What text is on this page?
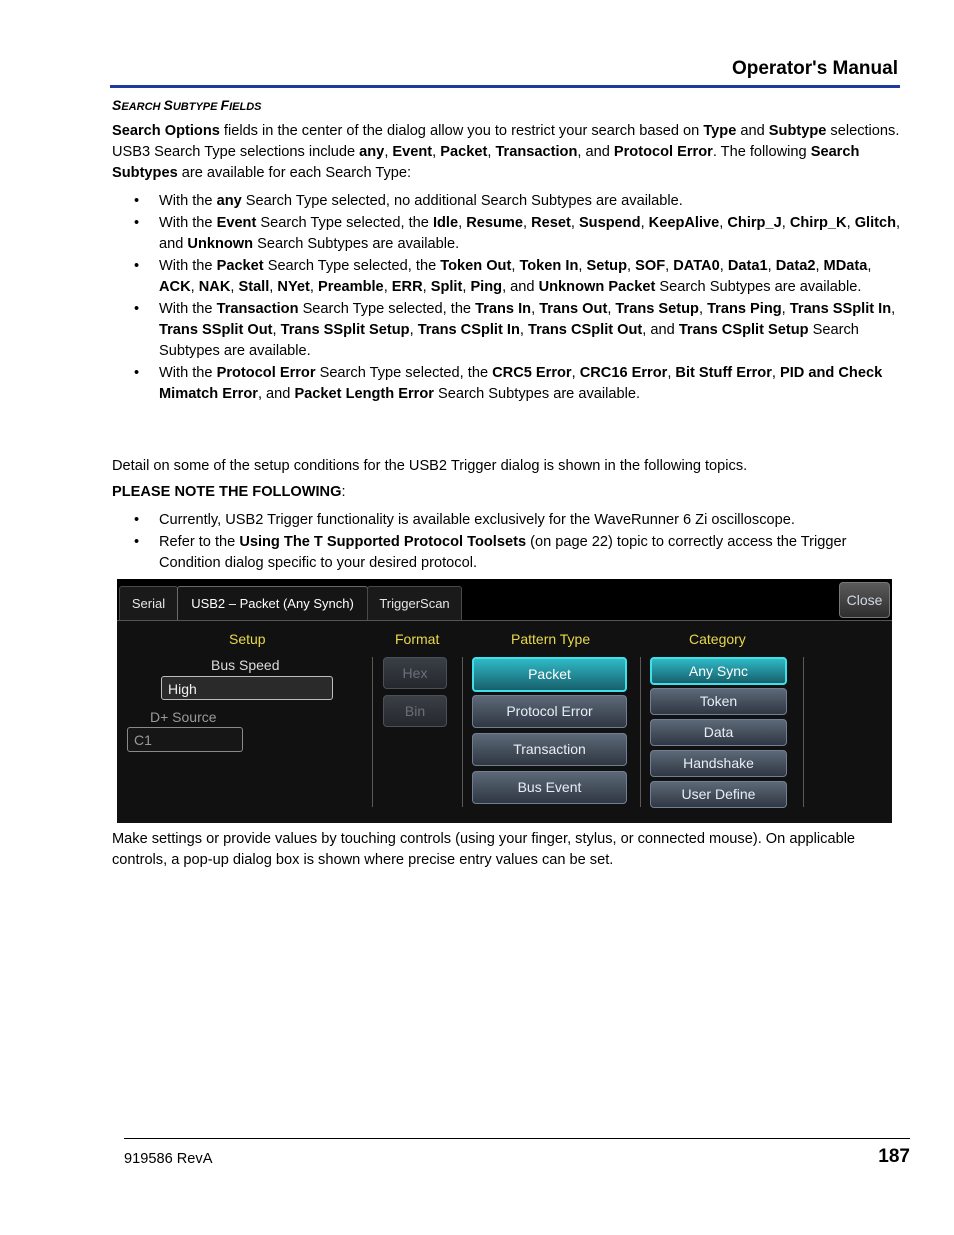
Operator's Manual
SEARCH SUBTYPE FIELDS
Search Options fields in the center of the dialog allow you to restrict your search based on Type and Subtype selections. USB3 Search Type selections include any, Event, Packet, Transaction, and Protocol Error. The following Search Subtypes are available for each Search Type:
• With the any Search Type selected, no additional Search Subtypes are available.
• With the Event Search Type selected, the Idle, Resume, Reset, Suspend, KeepAlive, Chirp_J, Chirp_K, Glitch, and Unknown Search Subtypes are available.
• With the Packet Search Type selected, the Token Out, Token In, Setup, SOF, DATA0, Data1, Data2, MData, ACK, NAK, Stall, NYet, Preamble, ERR, Split, Ping, and Unknown Packet Search Subtypes are available.
• With the Transaction Search Type selected, the Trans In, Trans Out, Trans Setup, Trans Ping, Trans SSplit In, Trans SSplit Out, Trans SSplit Setup, Trans CSplit In, Trans CSplit Out, and Trans CSplit Setup Search Subtypes are available.
• With the Protocol Error Search Type selected, the CRC5 Error, CRC16 Error, Bit Stuff Error, PID and Check Mimatch Error, and Packet Length Error Search Subtypes are available.
Detail on some of the setup conditions for the USB2 Trigger dialog is shown in the following topics.
PLEASE NOTE THE FOLLOWING:
• Currently, USB2 Trigger functionality is available exclusively for the WaveRunner 6 Zi oscilloscope.
• Refer to the Using The T Supported Protocol Toolsets (on page 22) topic to correctly access the Trigger Condition dialog specific to your desired protocol.
Serial	USB2 – Packet (Any Synch)	TriggerScan	Close
Setup
Bus Speed
High
D+ Source
C1
Format
Hex
Bin
Pattern Type
Packet
Protocol Error
Transaction
Bus Event
Category
Any Sync
Token
Data
Handshake
User Define
Make settings or provide values by touching controls (using your finger, stylus, or connected mouse). On applicable controls, a pop-up dialog box is shown where precise entry values can be set.
919586 RevA	187
